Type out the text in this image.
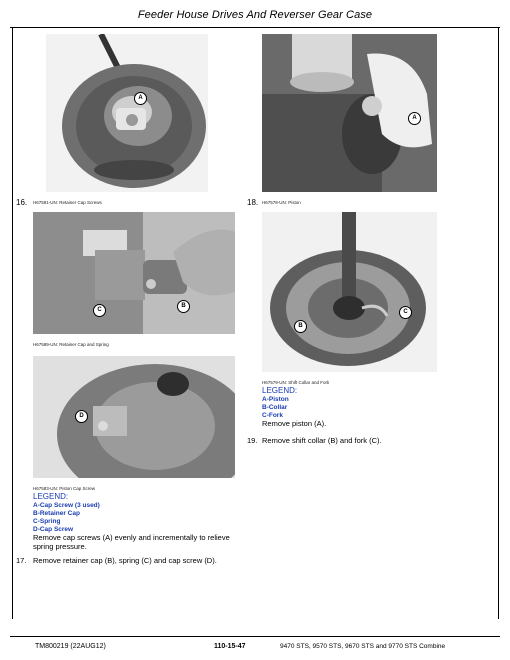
Feeder House Drives And Reverser Gear Case
A
A
16. H67591-UN: Retainer Cap Screws	18. H67578-UN: Piston
C
B
H67589-UN: Retainer Cap and Spring
B
C
D
H67579-UN: Shift Collar and Fork
LEGEND:
A-Piston
B-Collar
C-Fork
Remove piston (A).
19. Remove shift collar (B) and fork (C).
H67583-UN: Piston Cap Screw
LEGEND:
A-Cap Screw (3 used)
B-Retainer Cap
C-Spring
D-Cap Screw
Remove cap screws (A) evenly and incrementally to relieve spring pressure.
17. Remove retainer cap (B), spring (C) and cap screw (D).
TM800219 (22AUG12)	110-15-47	9470 STS, 9570 STS, 9670 STS and 9770 STS Combine
